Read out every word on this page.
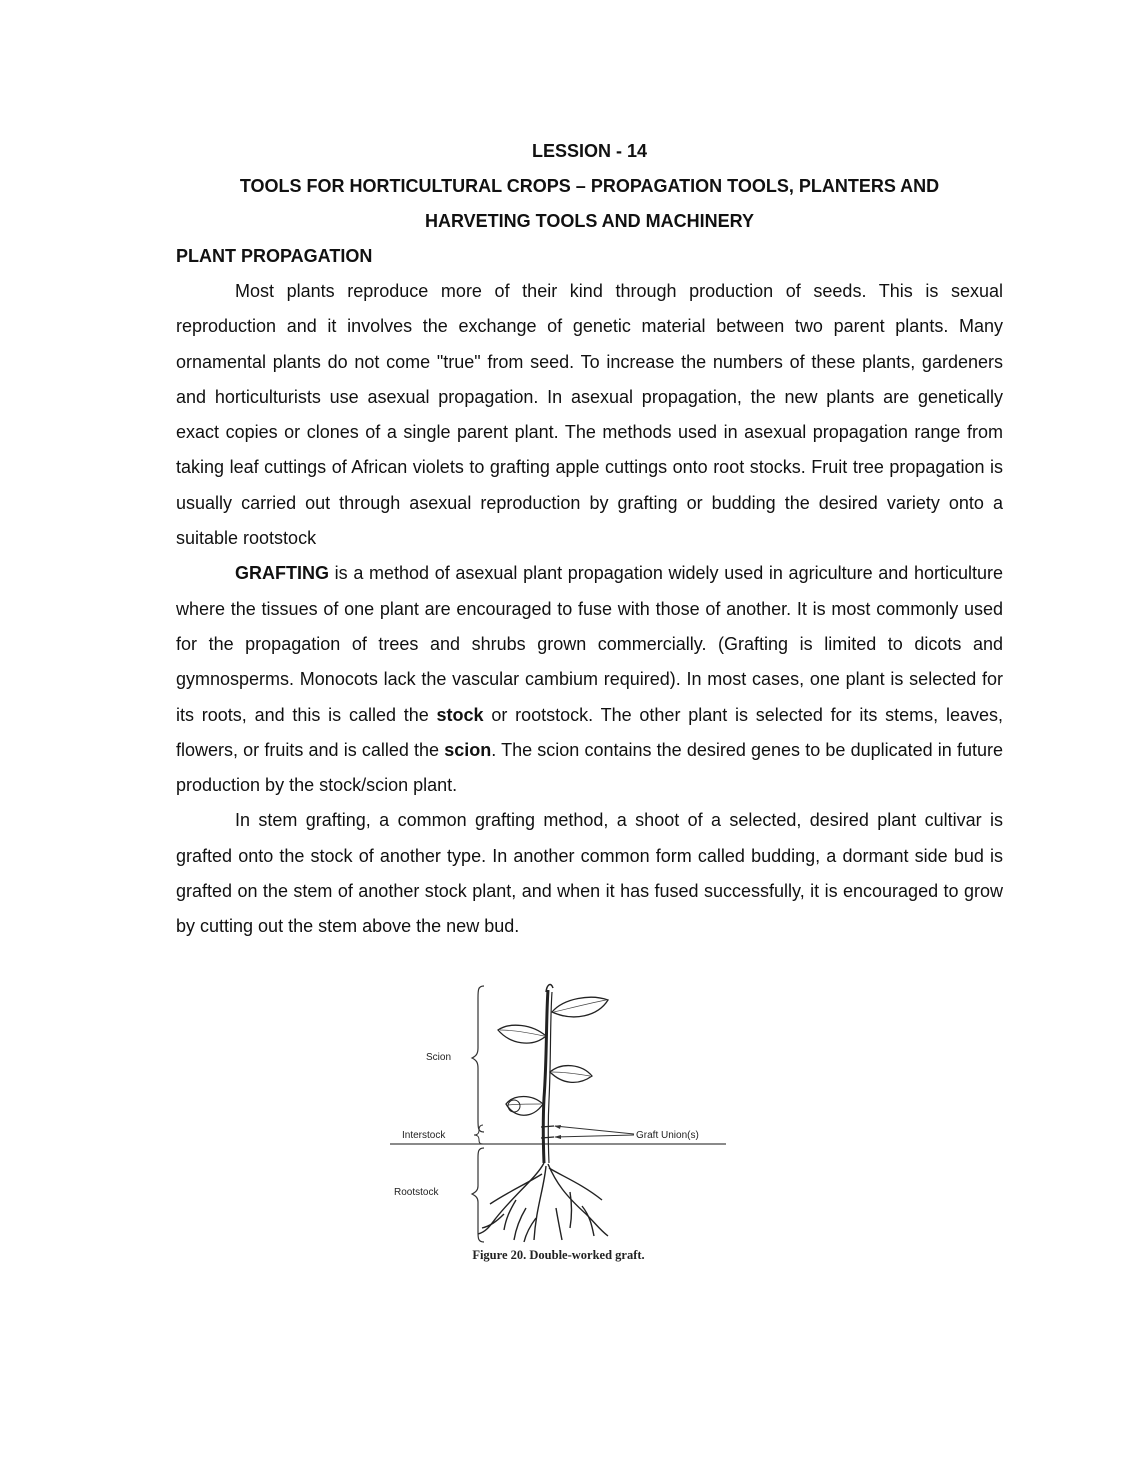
LESSION - 14
TOOLS FOR HORTICULTURAL CROPS – PROPAGATION TOOLS, PLANTERS AND
HARVETING TOOLS AND MACHINERY
PLANT PROPAGATION

Most plants reproduce more of their kind through production of seeds. This is sexual reproduction and it involves the exchange of genetic material between two parent plants. Many ornamental plants do not come "true" from seed. To increase the numbers of these plants, gardeners and horticulturists use asexual propagation. In asexual propagation, the new plants are genetically exact copies or clones of a single parent plant. The methods used in asexual propagation range from taking leaf cuttings of African violets to grafting apple cuttings onto root stocks. Fruit tree propagation is usually carried out through asexual reproduction by grafting or budding the desired variety onto a suitable rootstock

GRAFTING is a method of asexual plant propagation widely used in agriculture and horticulture where the tissues of one plant are encouraged to fuse with those of another. It is most commonly used for the propagation of trees and shrubs grown commercially. (Grafting is limited to dicots and gymnosperms. Monocots lack the vascular cambium required). In most cases, one plant is selected for its roots, and this is called the stock or rootstock. The other plant is selected for its stems, leaves, flowers, or fruits and is called the scion. The scion contains the desired genes to be duplicated in future production by the stock/scion plant.

In stem grafting, a common grafting method, a shoot of a selected, desired plant cultivar is grafted onto the stock of another type. In another common form called budding, a dormant side bud is grafted on the stem of another stock plant, and when it has fused successfully, it is encouraged to grow by cutting out the stem above the new bud.

Scion
Interstock
Rootstock
Graft Union(s)
Figure 20. Double-worked graft.
